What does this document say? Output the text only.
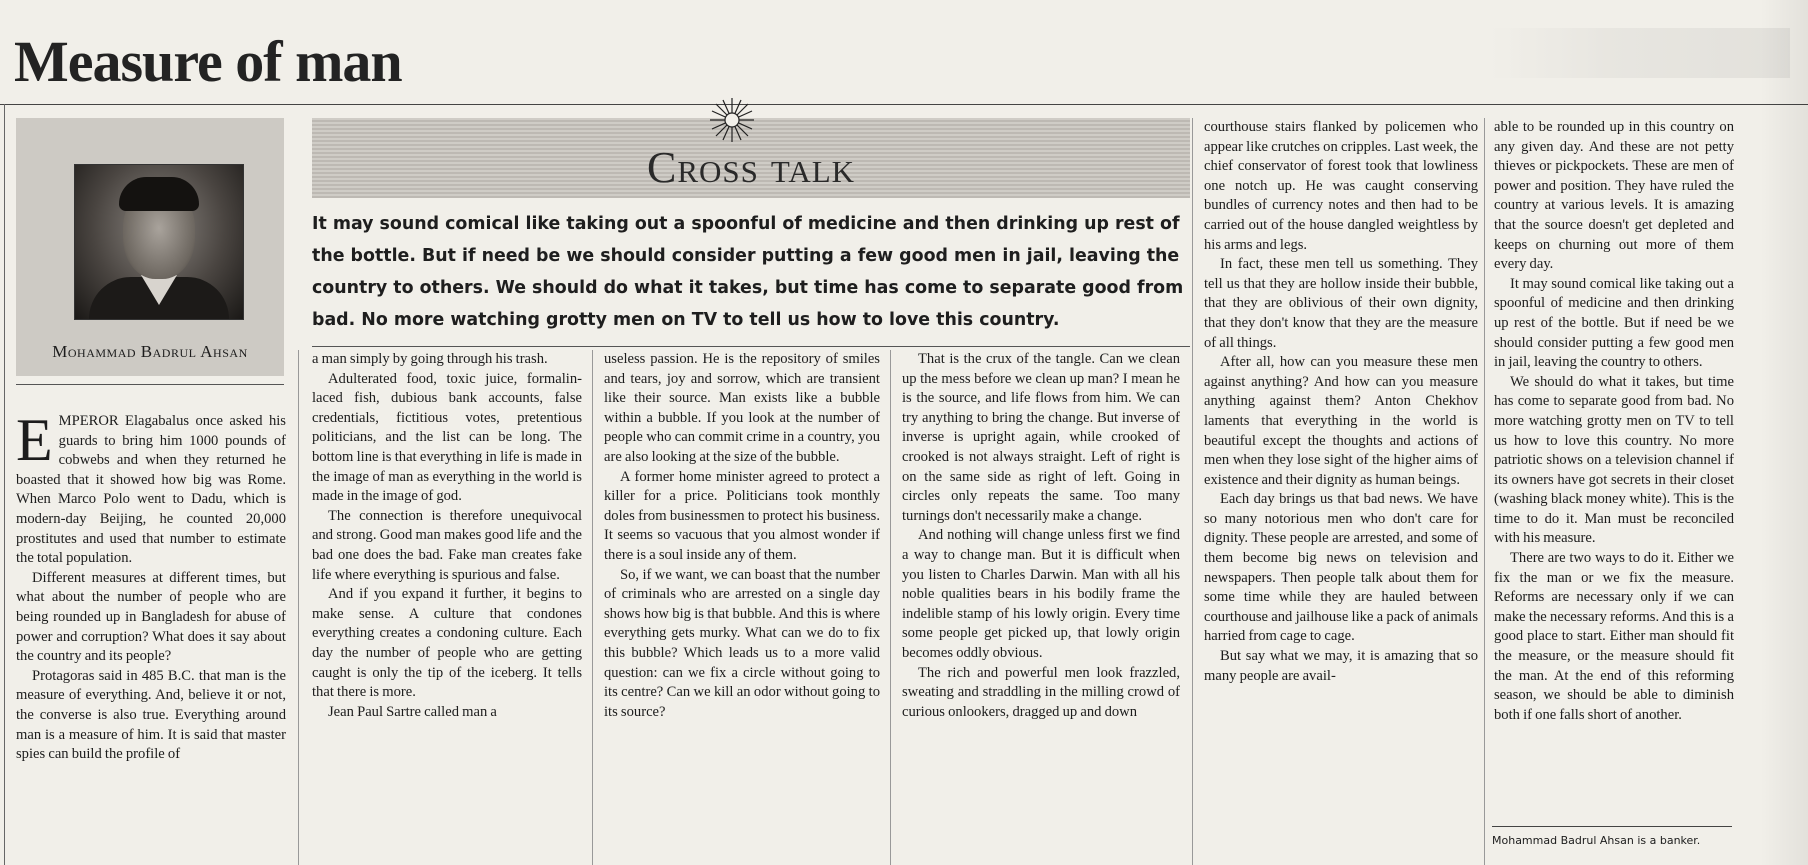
Measure of man
Mohammad Badrul Ahsan
Cross talk

It may sound comical like taking out a spoonful of medicine and then drinking up rest of the bottle. But if need be we should consider putting a few good men in jail, leaving the country to others. We should do what it takes, but time has come to separate good from bad. No more watching grotty men on TV to tell us how to love this country.

EMPEROR Elagabalus once asked his guards to bring him 1000 pounds of cobwebs and when they returned he boasted that it showed how big was Rome. When Marco Polo went to Dadu, which is modern-day Beijing, he counted 20,000 prostitutes and used that number to estimate the total population.

Different measures at different times, but what about the number of people who are being rounded up in Bangladesh for abuse of power and corruption? What does it say about the country and its people?

Protagoras said in 485 B.C. that man is the measure of everything. And, believe it or not, the converse is also true. Everything around man is a measure of him. It is said that master spies can build the profile of

a man simply by going through his trash.

Adulterated food, toxic juice, formalin-laced fish, dubious bank accounts, false credentials, fictitious votes, pretentious politicians, and the list can be long. The bottom line is that everything in life is made in the image of man as everything in the world is made in the image of god.

The connection is therefore unequivocal and strong. Good man makes good life and the bad one does the bad. Fake man creates fake life where everything is spurious and false.

And if you expand it further, it begins to make sense. A culture that condones everything creates a condoning culture. Each day the number of people who are getting caught is only the tip of the iceberg. It tells that there is more.

Jean Paul Sartre called man a

useless passion. He is the repository of smiles and tears, joy and sorrow, which are transient like their source. Man exists like a bubble within a bubble. If you look at the number of people who can commit crime in a country, you are also looking at the size of the bubble.

A former home minister agreed to protect a killer for a price. Politicians took monthly doles from businessmen to protect his business. It seems so vacuous that you almost wonder if there is a soul inside any of them.

So, if we want, we can boast that the number of criminals who are arrested on a single day shows how big is that bubble. And this is where everything gets murky. What can we do to fix this bubble? Which leads us to a more valid question: can we fix a circle without going to its centre? Can we kill an odor without going to its source?

That is the crux of the tangle. Can we clean up the mess before we clean up man? I mean he is the source, and life flows from him. We can try anything to bring the change. But inverse of inverse is upright again, while crooked of crooked is not always straight. Left of right is on the same side as right of left. Going in circles only repeats the same. Too many turnings don't necessarily make a change.

And nothing will change unless first we find a way to change man. But it is difficult when you listen to Charles Darwin. Man with all his noble qualities bears in his bodily frame the indelible stamp of his lowly origin. Every time some people get picked up, that lowly origin becomes oddly obvious.

The rich and powerful men look frazzled, sweating and straddling in the milling crowd of curious onlookers, dragged up and down

courthouse stairs flanked by policemen who appear like crutches on cripples. Last week, the chief conservator of forest took that lowliness one notch up. He was caught conserving bundles of currency notes and then had to be carried out of the house dangled weightless by his arms and legs.

In fact, these men tell us something. They tell us that they are hollow inside their bubble, that they are oblivious of their own dignity, that they don't know that they are the measure of all things.

After all, how can you measure these men against anything? And how can you measure anything against them? Anton Chekhov laments that everything in the world is beautiful except the thoughts and actions of men when they lose sight of the higher aims of existence and their dignity as human beings.

Each day brings us that bad news. We have so many notorious men who don't care for dignity. These people are arrested, and some of them become big news on television and newspapers. Then people talk about them for some time while they are hauled between courthouse and jailhouse like a pack of animals harried from cage to cage.

But say what we may, it is amazing that so many people are avail-

able to be rounded up in this country on any given day. And these are not petty thieves or pickpockets. These are men of power and position. They have ruled the country at various levels. It is amazing that the source doesn't get depleted and keeps on churning out more of them every day.

It may sound comical like taking out a spoonful of medicine and then drinking up rest of the bottle. But if need be we should consider putting a few good men in jail, leaving the country to others.

We should do what it takes, but time has come to separate good from bad. No more watching grotty men on TV to tell us how to love this country. No more patriotic shows on a television channel if its owners have got secrets in their closet (washing black money white). This is the time to do it. Man must be reconciled with his measure.

There are two ways to do it. Either we fix the man or we fix the measure. Reforms are necessary only if we can make the necessary reforms. And this is a good place to start. Either man should fit the measure, or the measure should fit the man. At the end of this reforming season, we should be able to diminish both if one falls short of another.

Mohammad Badrul Ahsan is a banker.
